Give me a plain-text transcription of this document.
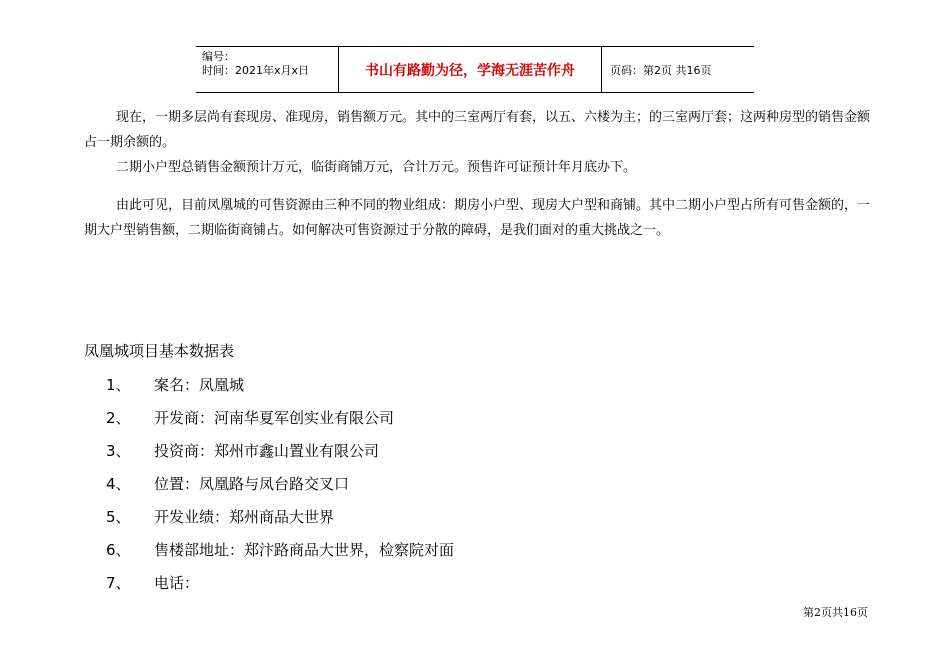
编号：
时间：2021年x月x日	书山有路勤为径，学海无涯苦作舟	页码：第2页 共16页

现在，一期多层尚有套现房、准现房，销售额万元。其中的三室两厅有套，以五、六楼为主；的三室两厅套；这两种房型的销售金额占一期余额的。

二期小户型总销售金额预计万元，临街商铺万元，合计万元。预售许可证预计年月底办下。

由此可见，目前凤凰城的可售资源由三种不同的物业组成：期房小户型、现房大户型和商铺。其中二期小户型占所有可售金额的，一期大户型销售额，二期临街商铺占。如何解决可售资源过于分散的障碍，是我们面对的重大挑战之一。

凤凰城项目基本数据表
1、	案名：凤凰城
2、	开发商：河南华夏军创实业有限公司
3、	投资商：郑州市鑫山置业有限公司
4、	位置：凤凰路与凤台路交叉口
5、	开发业绩：郑州商品大世界
6、	售楼部地址：郑汴路商品大世界，检察院对面
7、	电话：
第2页共16页
